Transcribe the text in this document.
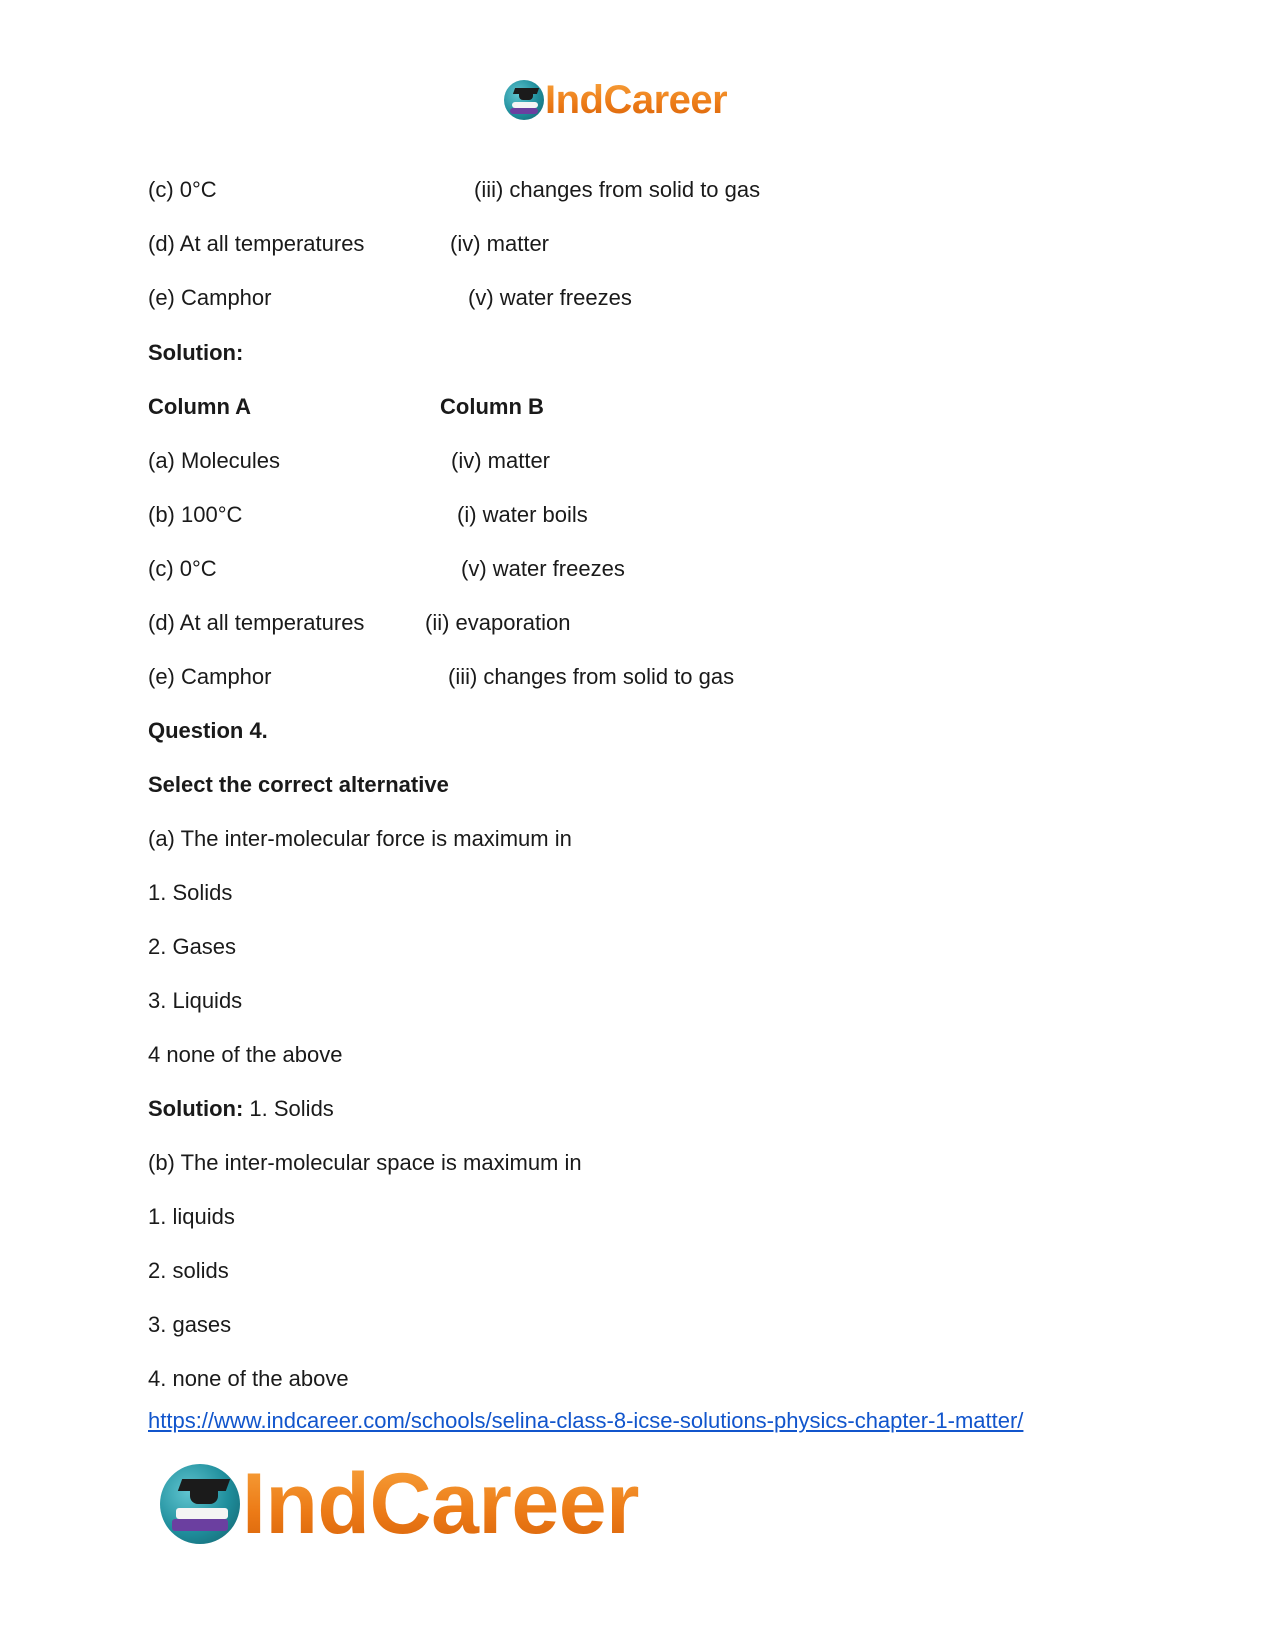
IndCareer
(c) 0°C	(iii) changes from solid to gas
(d) At all temperatures	(iv) matter
(e) Camphor	(v) water freezes
Solution:
Column A	Column B
(a) Molecules	(iv) matter
(b) 100°C	(i) water boils
(c) 0°C	(v) water freezes
(d) At all temperatures	(ii) evaporation
(e) Camphor	(iii) changes from solid to gas
Question 4.
Select the correct alternative
(a) The inter-molecular force is maximum in
1. Solids
2. Gases
3. Liquids
4 none of the above
Solution: 1. Solids
(b) The inter-molecular space is maximum in
1. liquids
2. solids
3. gases
4. none of the above
https://www.indcareer.com/schools/selina-class-8-icse-solutions-physics-chapter-1-matter/
IndCareer
